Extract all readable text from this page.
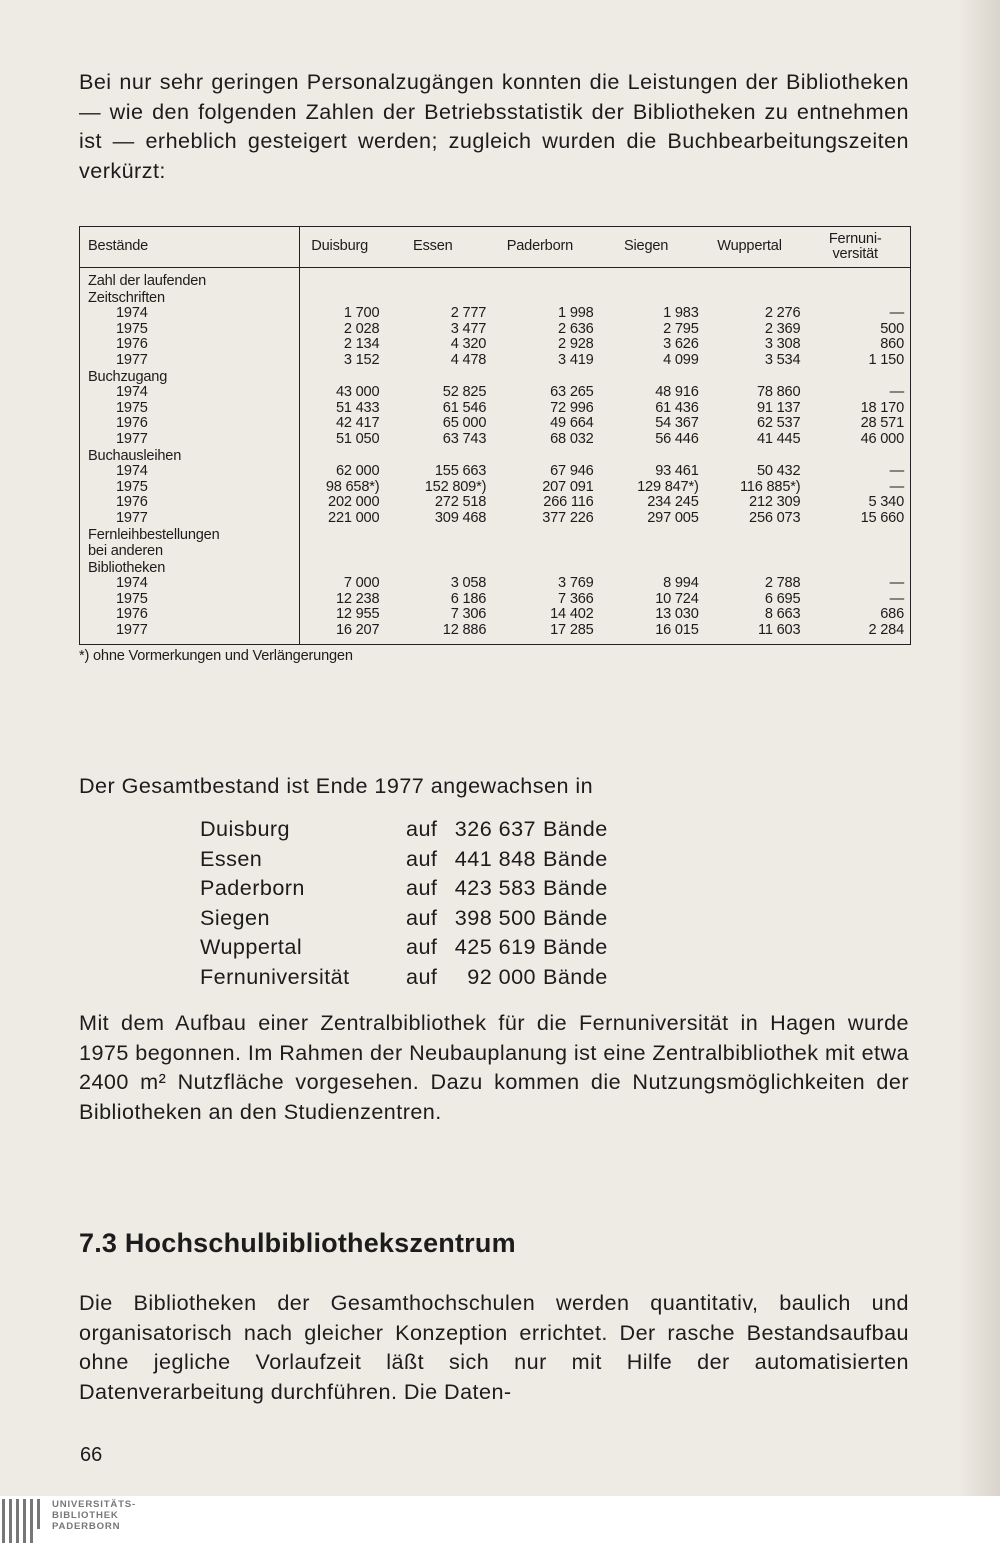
Bei nur sehr geringen Personalzugängen konnten die Leistungen der Bibliotheken — wie den folgenden Zahlen der Betriebsstatistik der Bibliotheken zu entnehmen ist — erheblich gesteigert werden; zugleich wurden die Buchbearbeitungszeiten verkürzt:

Bestände	Duisburg	Essen	Paderborn	Siegen	Wuppertal	Fernuni-
versität
Zahl der laufenden						
Zeitschriften						
1974	1 700	2 777	1 998	1 983	2 276	—
1975	2 028	3 477	2 636	2 795	2 369	500
1976	2 134	4 320	2 928	3 626	3 308	860
1977	3 152	4 478	3 419	4 099	3 534	1 150
Buchzugang						
1974	43 000	52 825	63 265	48 916	78 860	—
1975	51 433	61 546	72 996	61 436	91 137	18 170
1976	42 417	65 000	49 664	54 367	62 537	28 571
1977	51 050	63 743	68 032	56 446	41 445	46 000
Buchausleihen						
1974	62 000	155 663	67 946	93 461	50 432	—
1975	98 658*)	152 809*)	207 091	129 847*)	116 885*)	—
1976	202 000	272 518	266 116	234 245	212 309	5 340
1977	221 000	309 468	377 226	297 005	256 073	15 660
Fernleihbestellungen						
bei anderen						
Bibliotheken						
1974	7 000	3 058	3 769	8 994	2 788	—
1975	12 238	6 186	7 366	10 724	6 695	—
1976	12 955	7 306	14 402	13 030	8 663	686
1977	16 207	12 886	17 285	16 015	11 603	2 284
*) ohne Vormerkungen und Verlängerungen

Der Gesamtbestand ist Ende 1977 angewachsen in

Duisburg	auf 326 637 Bände
Essen	auf 441 848 Bände
Paderborn	auf 423 583 Bände
Siegen	auf 398 500 Bände
Wuppertal	auf 425 619 Bände
Fernuniversität	auf	92 000 Bände

Mit dem Aufbau einer Zentralbibliothek für die Fernuniversität in Hagen wurde 1975 begonnen. Im Rahmen der Neubauplanung ist eine Zentralbibliothek mit etwa 2400 m² Nutzfläche vorgesehen. Dazu kommen die Nutzungsmöglichkeiten der Bibliotheken an den Studienzentren.

7.3 Hochschulbibliothekszentrum

Die Bibliotheken der Gesamthochschulen werden quantitativ, baulich und organisatorisch nach gleicher Konzeption errichtet. Der rasche Bestandsaufbau ohne jegliche Vorlaufzeit läßt sich nur mit Hilfe der automatisierten Datenverarbeitung durchführen. Die Daten-

66
UNIVERSITÄTS-
BIBLIOTHEK
PADERBORN
